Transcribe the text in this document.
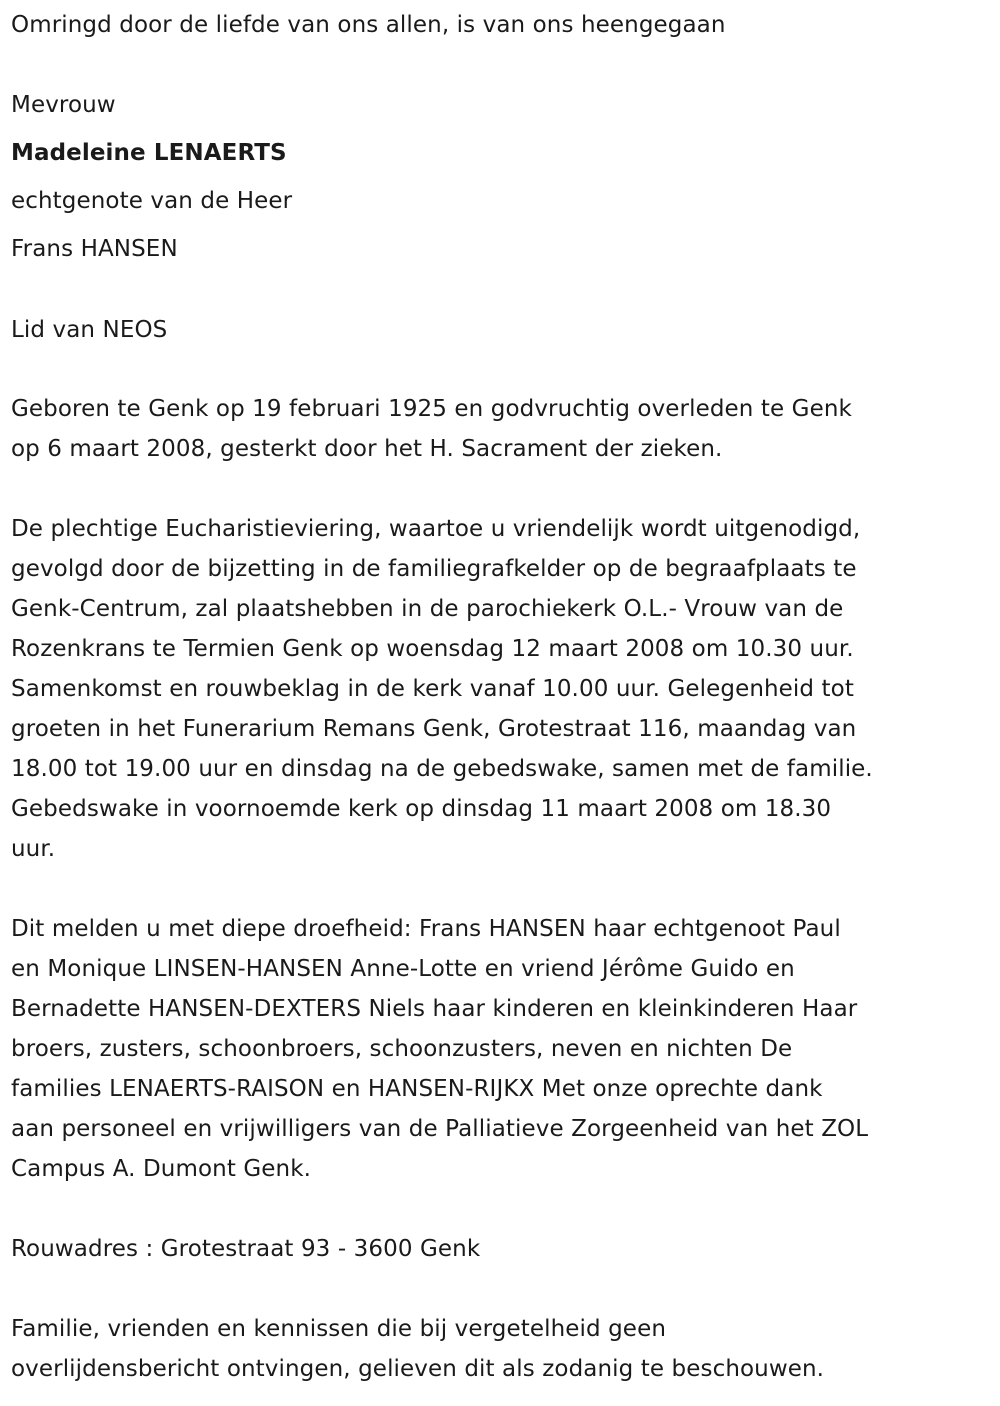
Omringd door de liefde van ons allen, is van ons heengegaan
Mevrouw
Madeleine LENAERTS
echtgenote van de Heer
Frans HANSEN
Lid van NEOS
Geboren te Genk op 19 februari 1925 en godvruchtig overleden te Genk
op 6 maart 2008, gesterkt door het H. Sacrament der zieken.
De plechtige Eucharistieviering, waartoe u vriendelijk wordt uitgenodigd,
gevolgd door de bijzetting in de familiegrafkelder op de begraafplaats te
Genk-Centrum, zal plaatshebben in de parochiekerk O.L.- Vrouw van de
Rozenkrans te Termien Genk op woensdag 12 maart 2008 om 10.30 uur.
Samenkomst en rouwbeklag in de kerk vanaf 10.00 uur. Gelegenheid tot
groeten in het Funerarium Remans Genk, Grotestraat 116, maandag van
18.00 tot 19.00 uur en dinsdag na de gebedswake, samen met de familie.
Gebedswake in voornoemde kerk op dinsdag 11 maart 2008 om 18.30
uur.
Dit melden u met diepe droefheid: Frans HANSEN haar echtgenoot Paul
en Monique LINSEN-HANSEN Anne-Lotte en vriend Jérôme Guido en
Bernadette HANSEN-DEXTERS Niels haar kinderen en kleinkinderen Haar
broers, zusters, schoonbroers, schoonzusters, neven en nichten De
families LENAERTS-RAISON en HANSEN-RIJKX Met onze oprechte dank
aan personeel en vrijwilligers van de Palliatieve Zorgeenheid van het ZOL
Campus A. Dumont Genk.
Rouwadres : Grotestraat 93 - 3600 Genk
Familie, vrienden en kennissen die bij vergetelheid geen
overlijdensbericht ontvingen, gelieven dit als zodanig te beschouwen.
